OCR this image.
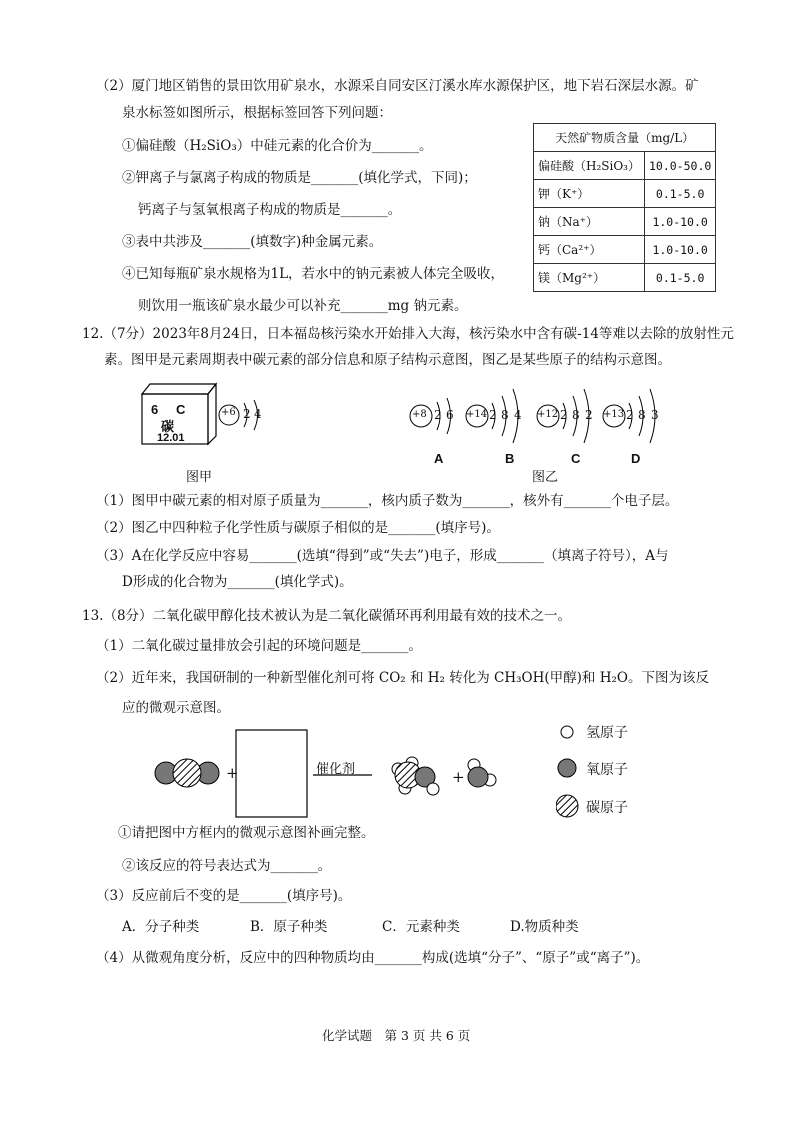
（2）厦门地区销售的景田饮用矿泉水，水源采自同安区汀溪水库水源保护区，地下岩石深层水源。矿
泉水标签如图所示，根据标签回答下列问题：
①偏硅酸（H₂SiO₃）中硅元素的化合价为_______。
②钾离子与氯离子构成的物质是_______(填化学式，下同)；
钙离子与氢氧根离子构成的物质是_______。
③表中共涉及_______(填数字)种金属元素。
④已知每瓶矿泉水规格为1L，若水中的钠元素被人体完全吸收，
则饮用一瓶该矿泉水最少可以补充_______mg 钠元素。
天然矿物质含量（mg/L）	
偏硅酸（H₂SiO₃）	10.0-50.0
钾（K⁺）	0.1-5.0
钠（Na⁺）	1.0-10.0
钙（Ca²⁺）	1.0-10.0
镁（Mg²⁺）	0.1-5.0
12.（7分）2023年8月24日，日本福岛核污染水开始排入大海，核污染水中含有碳-14等难以去除的放射性元
素。图甲是元素周期表中碳元素的部分信息和原子结构示意图，图乙是某些原子的结构示意图。
6 C
碳
12.01
+6 2 4
图甲
+8 2 6
A
+14 2 8 4
B
+12 2 8 2
C
+13 2 8 3
D
图乙
（1）图甲中碳元素的相对原子质量为_______，核内质子数为_______，核外有_______个电子层。
（2）图乙中四种粒子化学性质与碳原子相似的是_______(填序号)。
（3）A在化学反应中容易_______(选填“得到”或“失去”)电子，形成_______（填离子符号），A与
D形成的化合物为_______(填化学式)。
13.（8分）二氧化碳甲醇化技术被认为是二氧化碳循环再利用最有效的技术之一。
（1）二氧化碳过量排放会引起的环境问题是_______。
（2）近年来，我国研制的一种新型催化剂可将 CO₂ 和 H₂ 转化为 CH₃OH(甲醇)和 H₂O。下图为该反
应的微观示意图。
+	催化剂	+
氢原子
氧原子
碳原子
①请把图中方框内的微观示意图补画完整。
②该反应的符号表达式为_______。
（3）反应前后不变的是_______(填序号)。
A．分子种类	B．原子种类	C．元素种类	D.物质种类
（4）从微观角度分析，反应中的四种物质均由_______构成(选填“分子”、“原子”或“离子”)。
化学试题　第 3 页 共 6 页
